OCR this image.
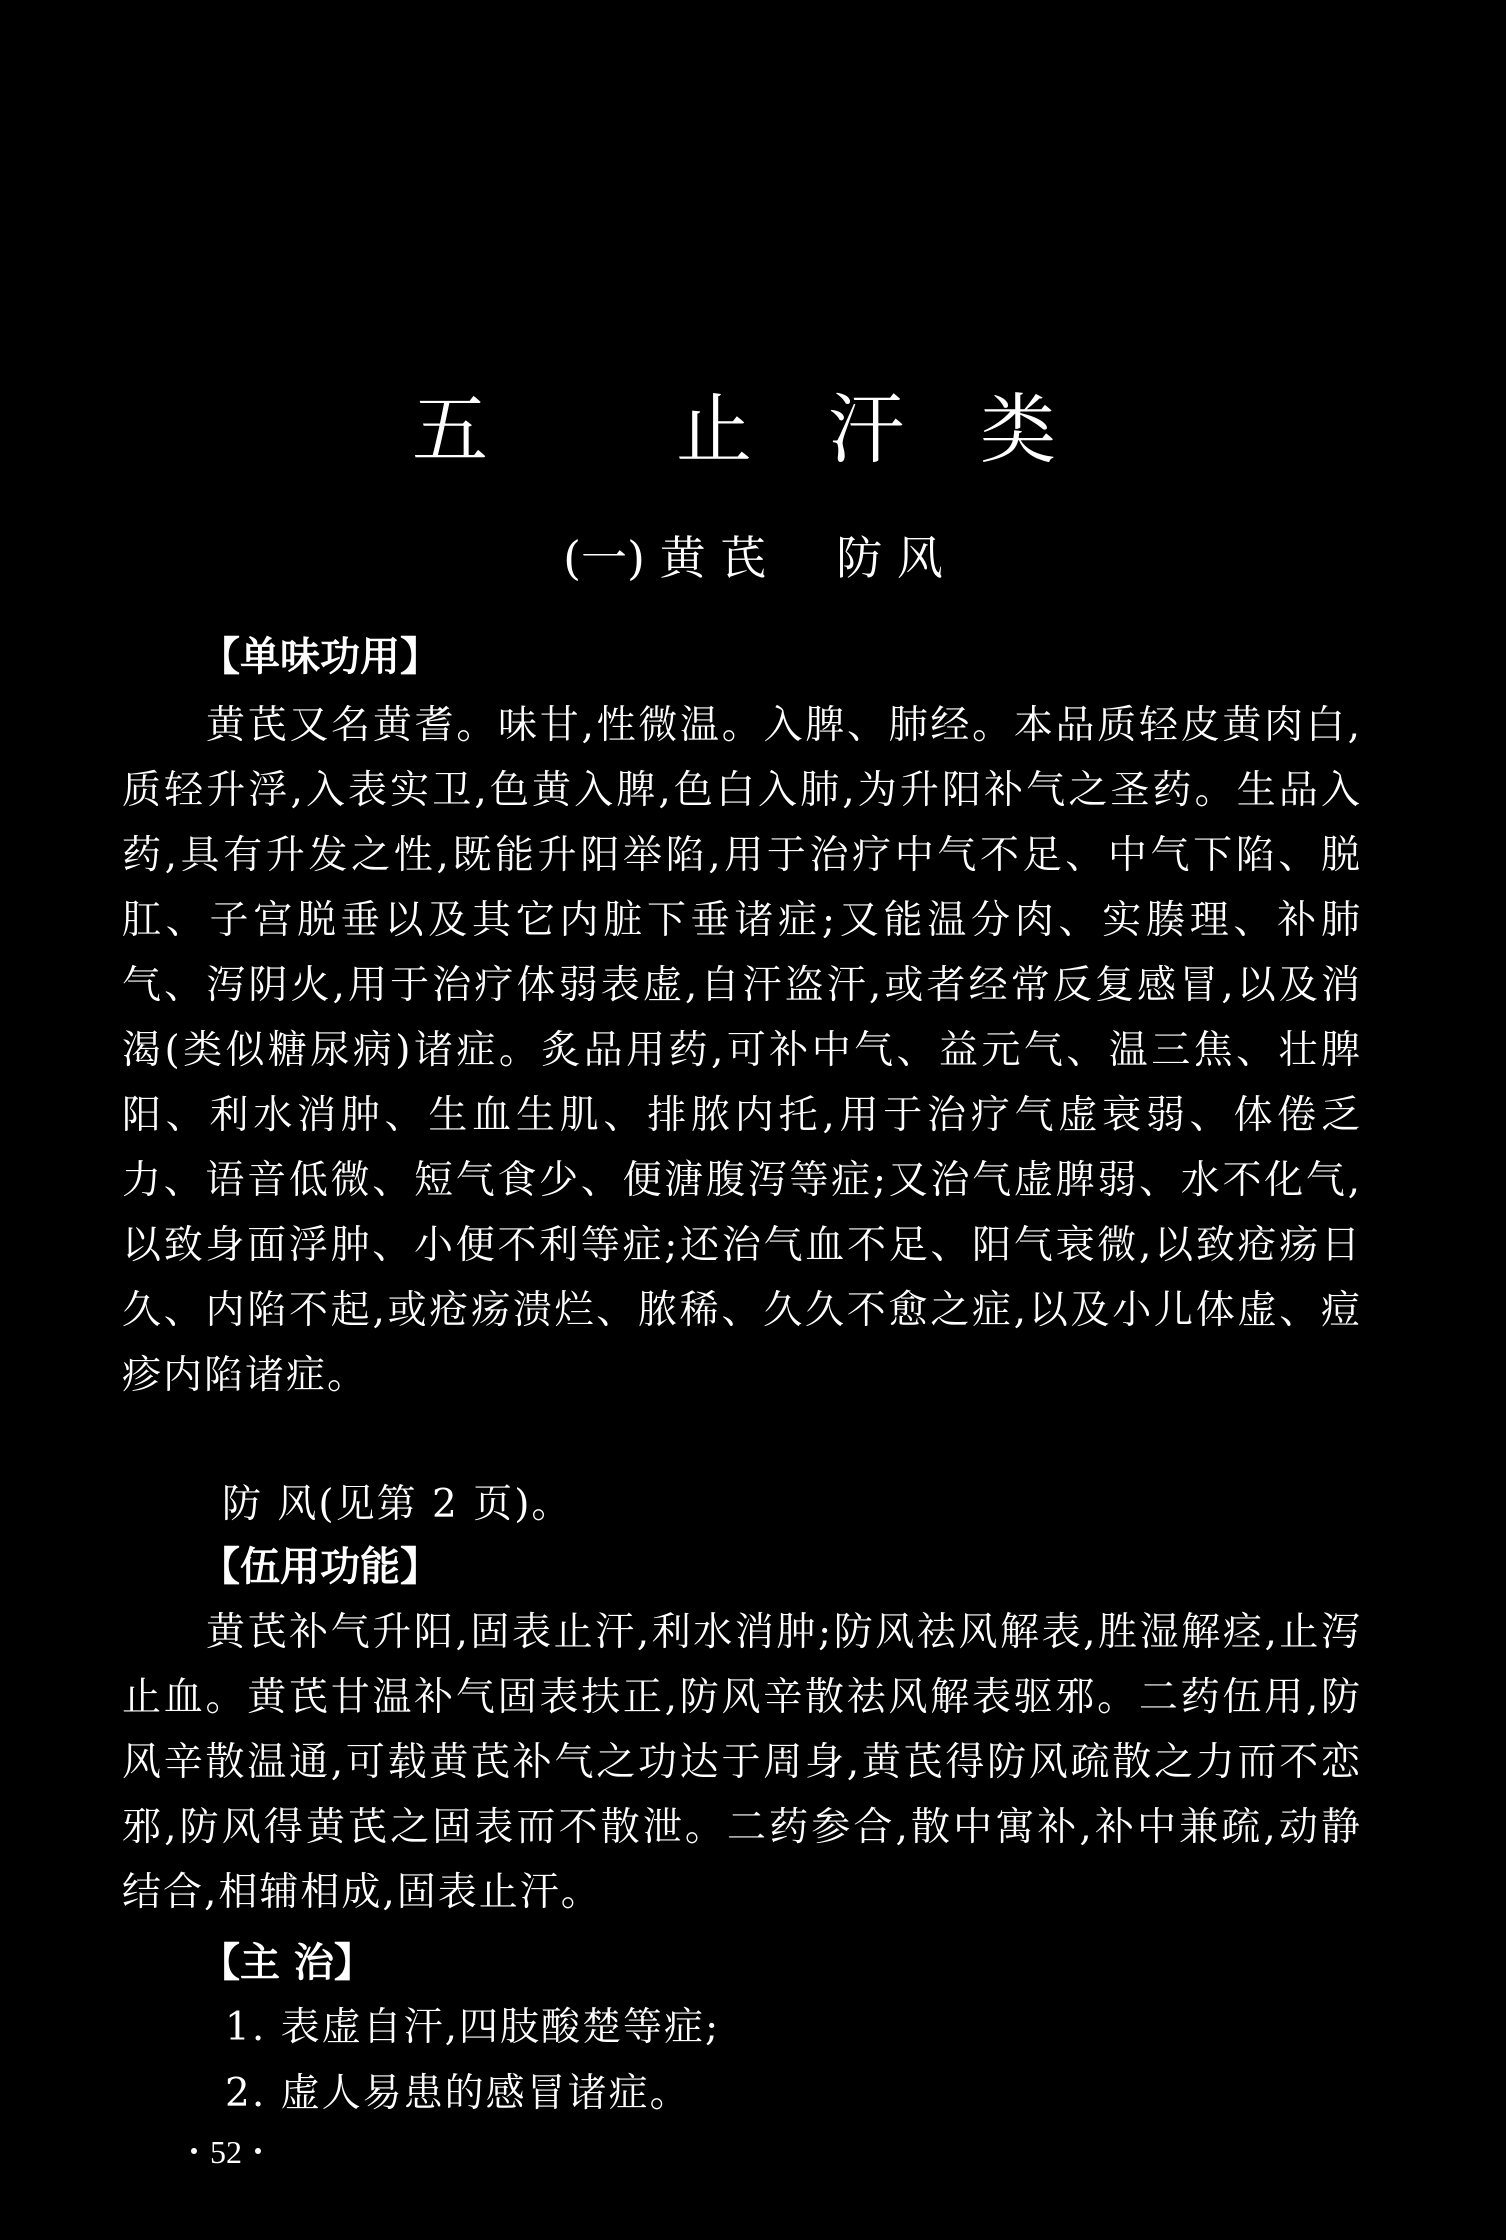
五 止 汗 类
(一) 黄 芪 防 风

【单味功用】

黄芪又名黄耆。味甘,性微温。入脾、肺经。本品质轻皮黄肉白,质轻升浮,入表实卫,色黄入脾,色白入肺,为升阳补气之圣药。生品入药,具有升发之性,既能升阳举陷,用于治疗中气不足、中气下陷、脱肛、子宫脱垂以及其它内脏下垂诸症;又能温分肉、实腠理、补肺气、泻阴火,用于治疗体弱表虚,自汗盗汗,或者经常反复感冒,以及消渴(类似糖尿病)诸症。炙品用药,可补中气、益元气、温三焦、壮脾阳、利水消肿、生血生肌、排脓内托,用于治疗气虚衰弱、体倦乏力、语音低微、短气食少、便溏腹泻等症;又治气虚脾弱、水不化气,以致身面浮肿、小便不利等症;还治气血不足、阳气衰微,以致疮疡日久、内陷不起,或疮疡溃烂、脓稀、久久不愈之症,以及小儿体虚、痘疹内陷诸症。

防 风(见第 2 页)。

【伍用功能】

黄芪补气升阳,固表止汗,利水消肿;防风祛风解表,胜湿解痉,止泻止血。黄芪甘温补气固表扶正,防风辛散祛风解表驱邪。二药伍用,防风辛散温通,可载黄芪补气之功达于周身,黄芪得防风疏散之力而不恋邪,防风得黄芪之固表而不散泄。二药参合,散中寓补,补中兼疏,动静结合,相辅相成,固表止汗。

【主 治】

1. 表虚自汗,四肢酸楚等症;

2. 虚人易患的感冒诸症。

・52・
